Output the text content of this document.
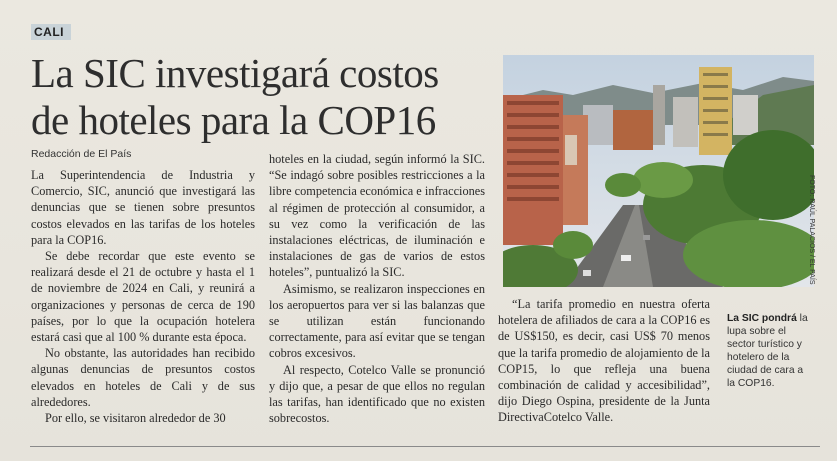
CALI
La SIC investigará costos de hoteles para la COP16
Redacción de El País

La Superintendencia de Industria y Comercio, SIC, anunció que investigará las denuncias que se tienen sobre presuntos costos elevados en las tarifas de los hoteles para la COP16.

Se debe recordar que este evento se realizará desde el 21 de octubre y hasta el 1 de noviembre de 2024 en Cali, y reunirá a organizaciones y personas de cerca de 190 países, por lo que la ocupación hotelera estará casi que al 100 % durante esta época.

No obstante, las autoridades han recibido algunas denuncias de presuntos costos elevados en hoteles de Cali y de sus alrededores.

Por ello, se visitaron alrededor de 30

hoteles en la ciudad, según informó la SIC. “Se indagó sobre posibles restricciones a la libre competencia económica e infracciones al régimen de protección al consumidor, a su vez como la verificación de las instalaciones eléctricas, de iluminación e instalaciones de gas de varios de estos hoteles”, puntualizó la SIC.

Asimismo, se realizaron inspecciones en los aeropuertos para ver si las balanzas que se utilizan están funcionando correctamente, para así evitar que se tengan cobros excesivos.

Al respecto, Cotelco Valle se pronunció y dijo que, a pesar de que ellos no regulan las tarifas, han identificado que no existen sobrecostos.

FOTO: RAÚL PALACIOS / EL PAÍS

“La tarifa promedio en nuestra oferta hotelera de afiliados de cara a la COP16 es de US$150, es decir, casi US$ 70 menos que la tarifa promedio de alojamiento de la COP15, lo que refleja una buena combinación de calidad y accesibilidad”, dijo Diego Ospina, presidente de la Junta DirectivaCotelco Valle.

La SIC pondrá la lupa sobre el sector turístico y hotelero de la ciudad de cara a la COP16.
